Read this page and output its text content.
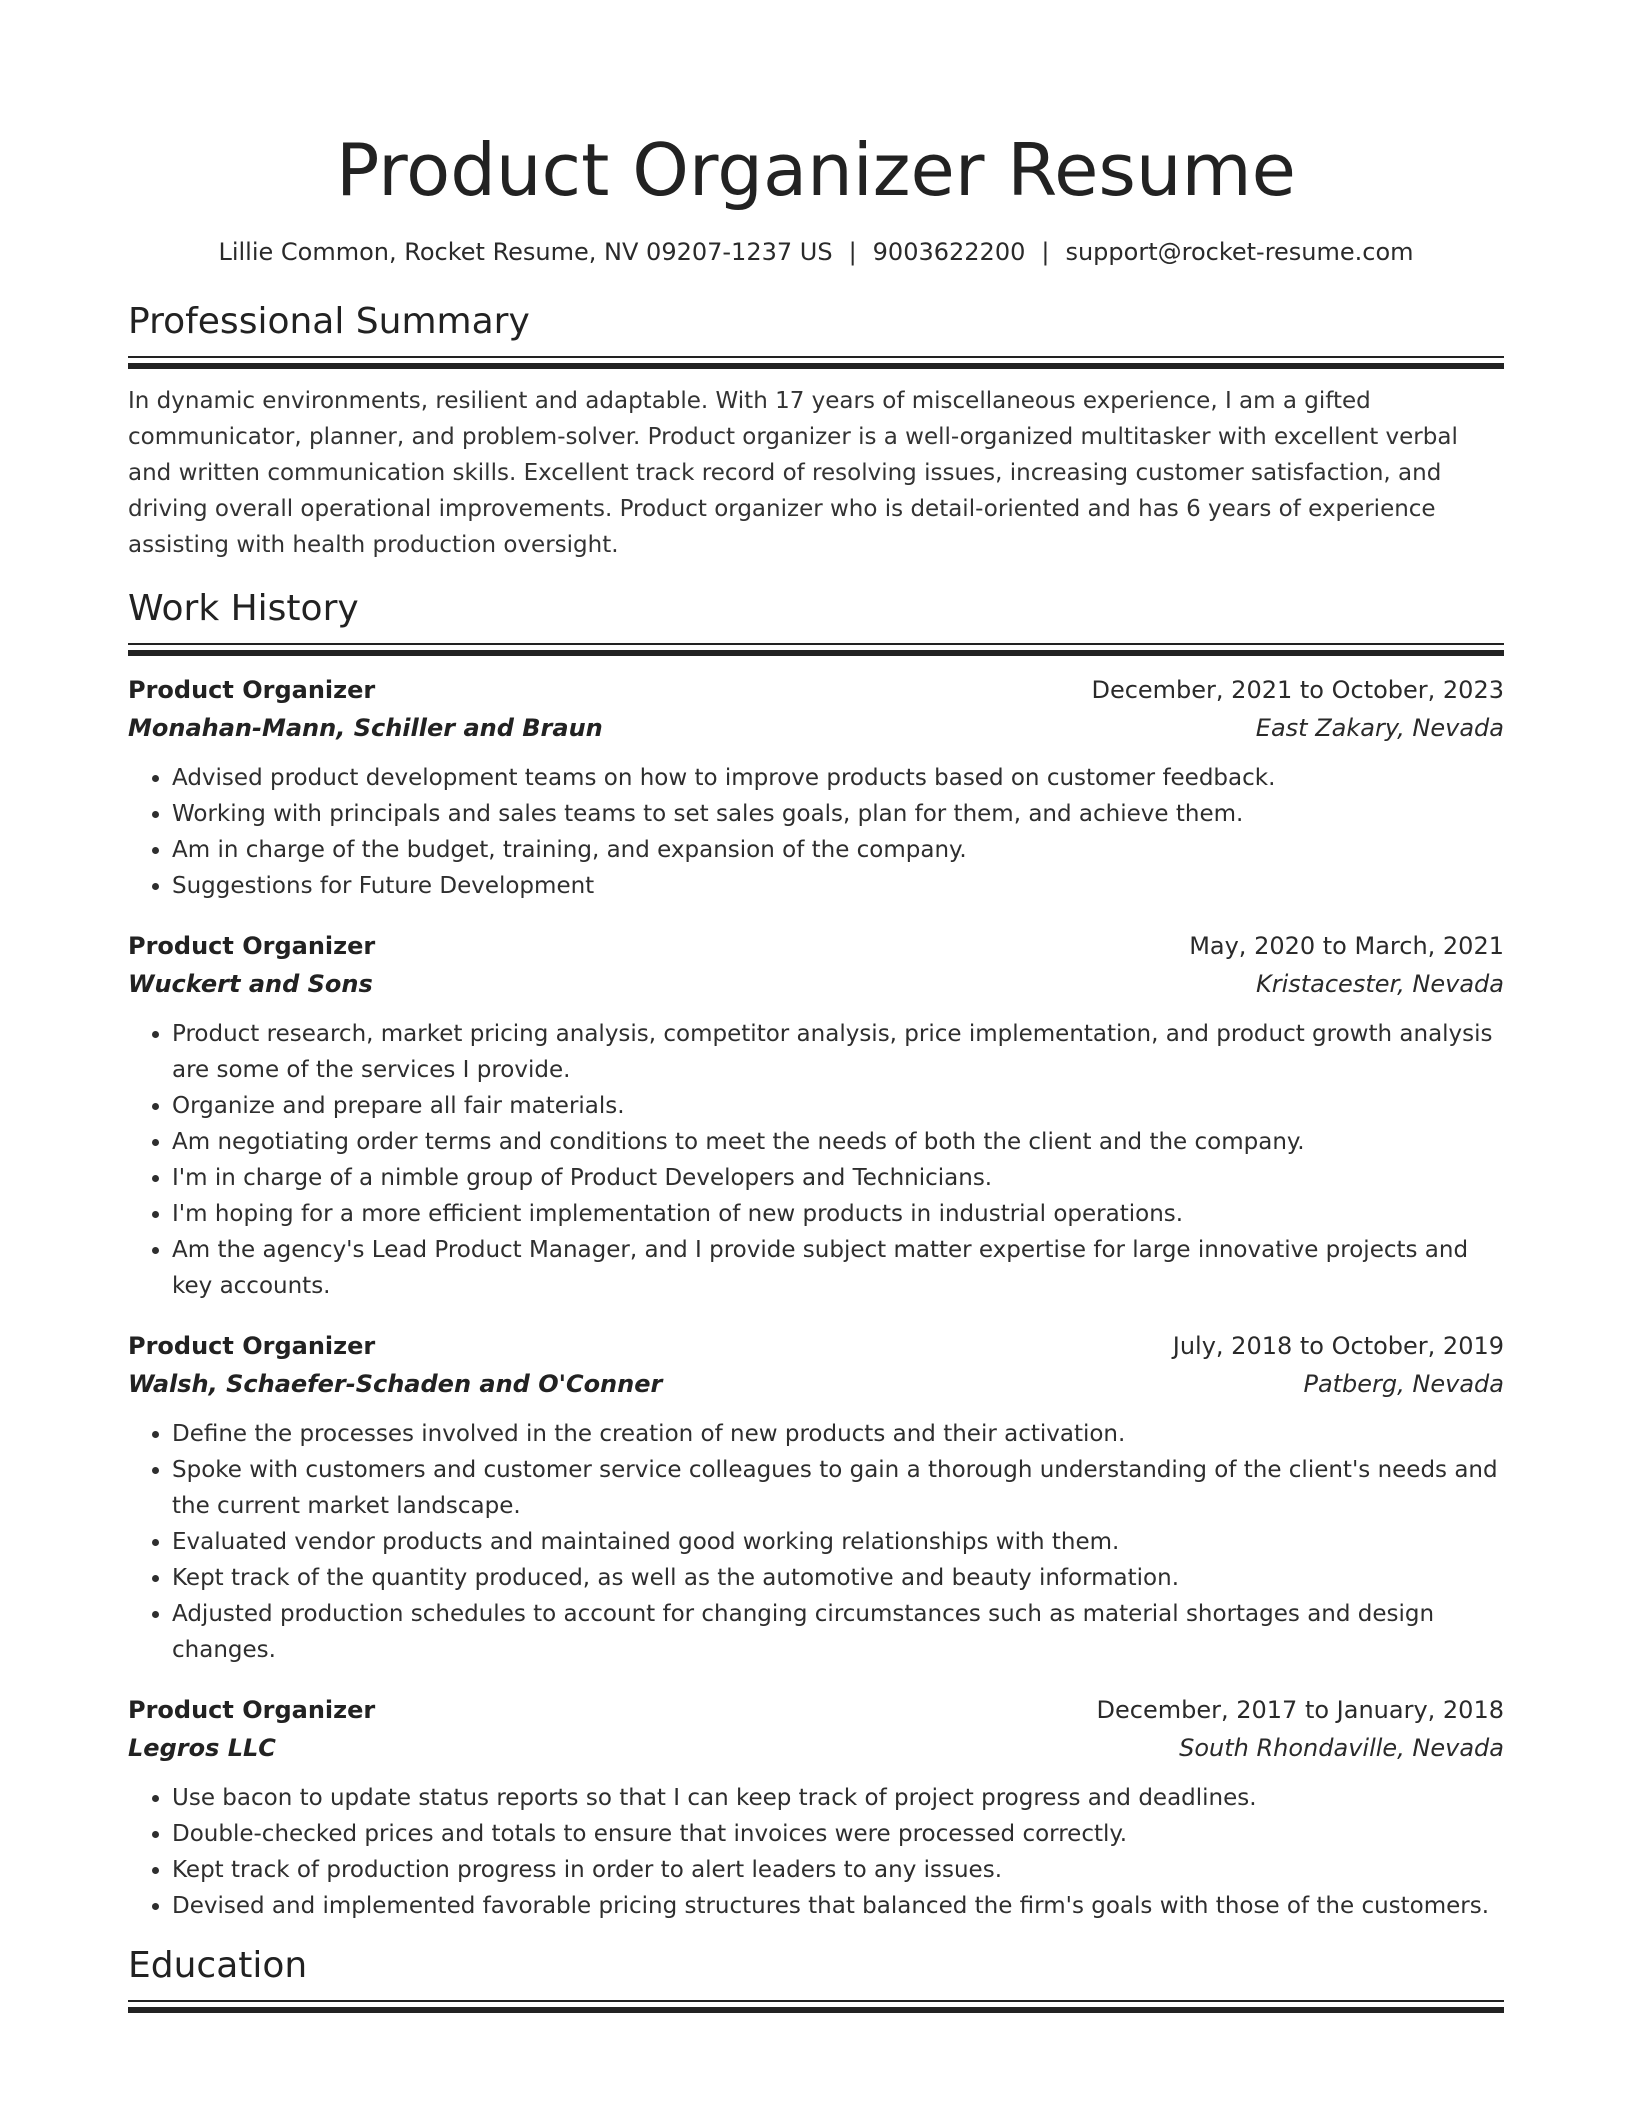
Product Organizer Resume
Lillie Common, Rocket Resume, NV 09207-1237 US | 9003622200 | support@rocket-resume.com
Professional Summary
In dynamic environments, resilient and adaptable. With 17 years of miscellaneous experience, I am a gifted communicator, planner, and problem-solver. Product organizer is a well-organized multitasker with excellent verbal and written communication skills. Excellent track record of resolving issues, increasing customer satisfaction, and driving overall operational improvements. Product organizer who is detail-oriented and has 6 years of experience assisting with health production oversight.
Work History
Product Organizer	December, 2021 to October, 2023
Monahan-Mann, Schiller and Braun	East Zakary, Nevada
• Advised product development teams on how to improve products based on customer feedback.
• Working with principals and sales teams to set sales goals, plan for them, and achieve them.
• Am in charge of the budget, training, and expansion of the company.
• Suggestions for Future Development
Product Organizer	May, 2020 to March, 2021
Wuckert and Sons	Kristacester, Nevada
• Product research, market pricing analysis, competitor analysis, price implementation, and product growth analysis are some of the services I provide.
• Organize and prepare all fair materials.
• Am negotiating order terms and conditions to meet the needs of both the client and the company.
• I'm in charge of a nimble group of Product Developers and Technicians.
• I'm hoping for a more efficient implementation of new products in industrial operations.
• Am the agency's Lead Product Manager, and I provide subject matter expertise for large innovative projects and key accounts.
Product Organizer	July, 2018 to October, 2019
Walsh, Schaefer-Schaden and O'Conner	Patberg, Nevada
• Define the processes involved in the creation of new products and their activation.
• Spoke with customers and customer service colleagues to gain a thorough understanding of the client's needs and the current market landscape.
• Evaluated vendor products and maintained good working relationships with them.
• Kept track of the quantity produced, as well as the automotive and beauty information.
• Adjusted production schedules to account for changing circumstances such as material shortages and design changes.
Product Organizer	December, 2017 to January, 2018
Legros LLC	South Rhondaville, Nevada
• Use bacon to update status reports so that I can keep track of project progress and deadlines.
• Double-checked prices and totals to ensure that invoices were processed correctly.
• Kept track of production progress in order to alert leaders to any issues.
• Devised and implemented favorable pricing structures that balanced the firm's goals with those of the customers.
Education
